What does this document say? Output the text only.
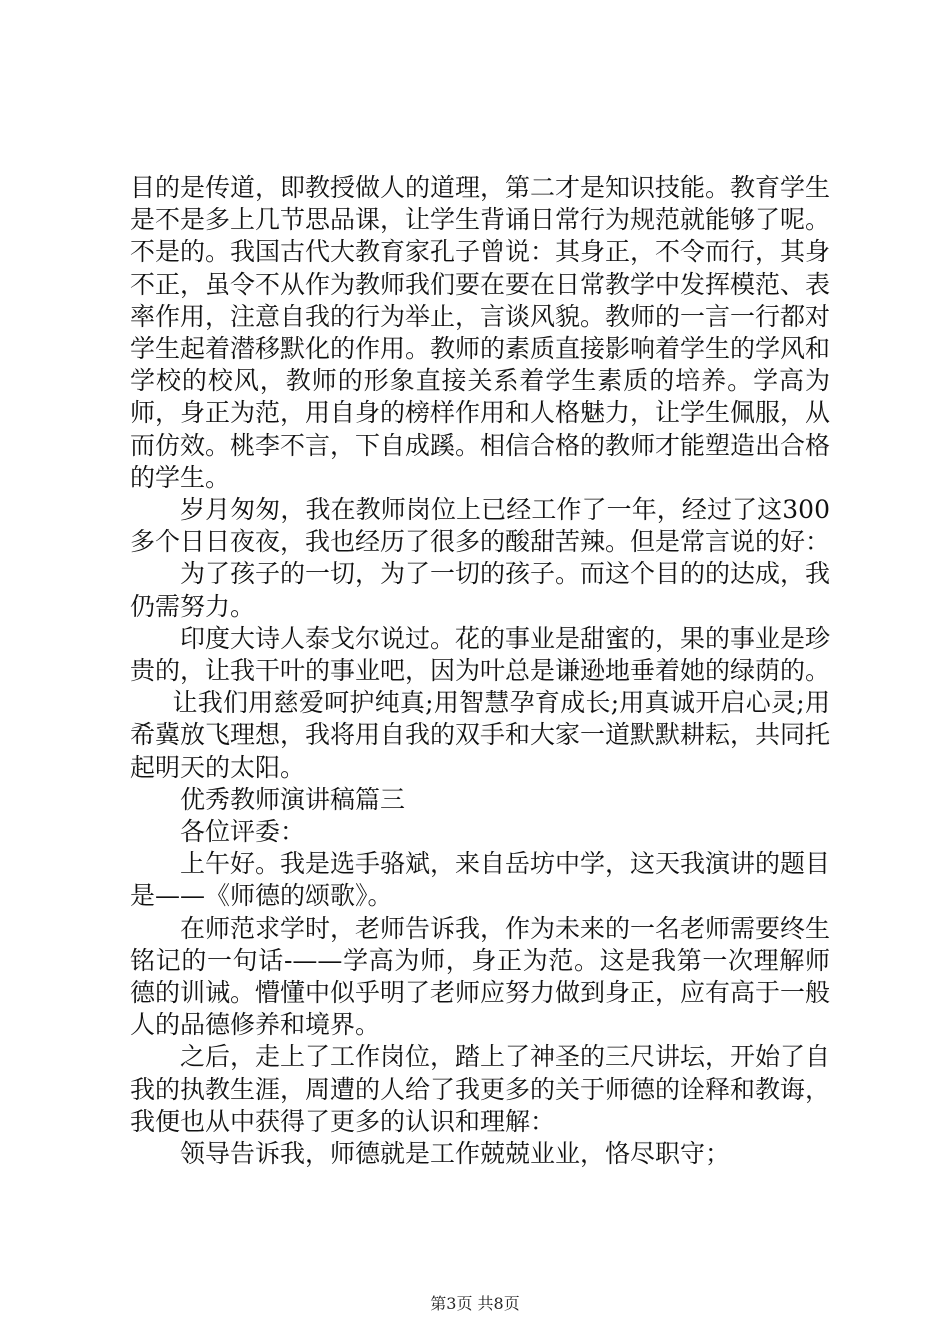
目的是传道，即教授做人的道理，第二才是知识技能。教育学生是不是多上几节思品课，让学生背诵日常行为规范就能够了呢。不是的。我国古代大教育家孔子曾说：其身正，不令而行，其身不正，虽令不从作为教师我们要在要在日常教学中发挥模范、表率作用，注意自我的行为举止，言谈风貌。教师的一言一行都对学生起着潜移默化的作用。教师的素质直接影响着学生的学风和学校的校风，教师的形象直接关系着学生素质的培养。学高为师，身正为范，用自身的榜样作用和人格魅力，让学生佩服，从而仿效。桃李不言，下自成蹊。相信合格的教师才能塑造出合格的学生。

岁月匆匆，我在教师岗位上已经工作了一年，经过了这300多个日日夜夜，我也经历了很多的酸甜苦辣。但是常言说的好：

为了孩子的一切，为了一切的孩子。而这个目的的达成，我仍需努力。

印度大诗人泰戈尔说过。花的事业是甜蜜的，果的事业是珍贵的，让我干叶的事业吧，因为叶总是谦逊地垂着她的绿荫的。

让我们用慈爱呵护纯真;用智慧孕育成长;用真诚开启心灵;用希冀放飞理想，我将用自我的双手和大家一道默默耕耘，共同托起明天的太阳。

优秀教师演讲稿篇三

各位评委：

上午好。我是选手骆斌，来自岳坊中学，这天我演讲的题目是——《师德的颂歌》。

在师范求学时，老师告诉我，作为未来的一名老师需要终生铭记的一句话-——学高为师，身正为范。这是我第一次理解师德的训诫。懵懂中似乎明了老师应努力做到身正，应有高于一般人的品德修养和境界。

之后，走上了工作岗位，踏上了神圣的三尺讲坛，开始了自我的执教生涯，周遭的人给了我更多的关于师德的诠释和教诲，我便也从中获得了更多的认识和理解：

领导告诉我，师德就是工作兢兢业业，恪尽职守；

第3页 共8页
